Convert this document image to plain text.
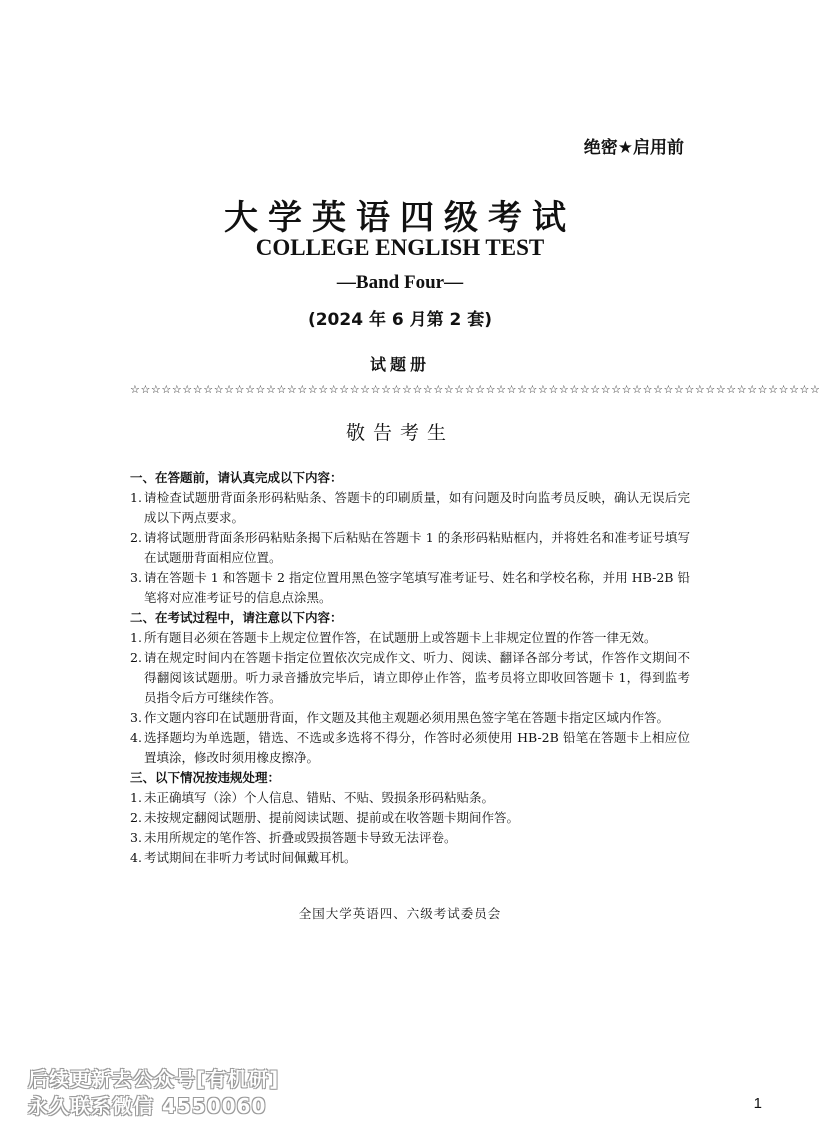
绝密★启用前
大学英语四级考试
COLLEGE ENGLISH TEST
—Band Four—
(2024 年 6 月第 2 套)
试题册
☆☆☆☆☆☆☆☆☆☆☆☆☆☆☆☆☆☆☆☆☆☆☆☆☆☆☆☆☆☆☆☆☆☆☆☆☆☆☆☆☆☆☆☆☆☆☆☆☆☆☆☆☆☆☆☆☆☆☆☆☆☆☆☆☆☆
敬告考生
一、在答题前，请认真完成以下内容：
1. 请检查试题册背面条形码粘贴条、答题卡的印刷质量，如有问题及时向监考员反映，确认无误后完成以下两点要求。
2. 请将试题册背面条形码粘贴条揭下后粘贴在答题卡 1 的条形码粘贴框内，并将姓名和准考证号填写在试题册背面相应位置。
3. 请在答题卡 1 和答题卡 2 指定位置用黑色签字笔填写准考证号、姓名和学校名称，并用 HB-2B 铅笔将对应准考证号的信息点涂黑。
二、在考试过程中，请注意以下内容：
1. 所有题目必须在答题卡上规定位置作答，在试题册上或答题卡上非规定位置的作答一律无效。
2. 请在规定时间内在答题卡指定位置依次完成作文、听力、阅读、翻译各部分考试，作答作文期间不得翻阅该试题册。听力录音播放完毕后，请立即停止作答，监考员将立即收回答题卡 1，得到监考员指令后方可继续作答。
3. 作文题内容印在试题册背面，作文题及其他主观题必须用黑色签字笔在答题卡指定区域内作答。
4. 选择题均为单选题，错选、不选或多选将不得分，作答时必须使用 HB-2B 铅笔在答题卡上相应位置填涂，修改时须用橡皮擦净。
三、以下情况按违规处理：
1. 未正确填写（涂）个人信息、错贴、不贴、毁损条形码粘贴条。
2. 未按规定翻阅试题册、提前阅读试题、提前或在收答题卡期间作答。
3. 未用所规定的笔作答、折叠或毁损答题卡导致无法评卷。
4. 考试期间在非听力考试时间佩戴耳机。
全国大学英语四、六级考试委员会
1
后续更新去公众号[有机研]
永久联系微信 4550060
